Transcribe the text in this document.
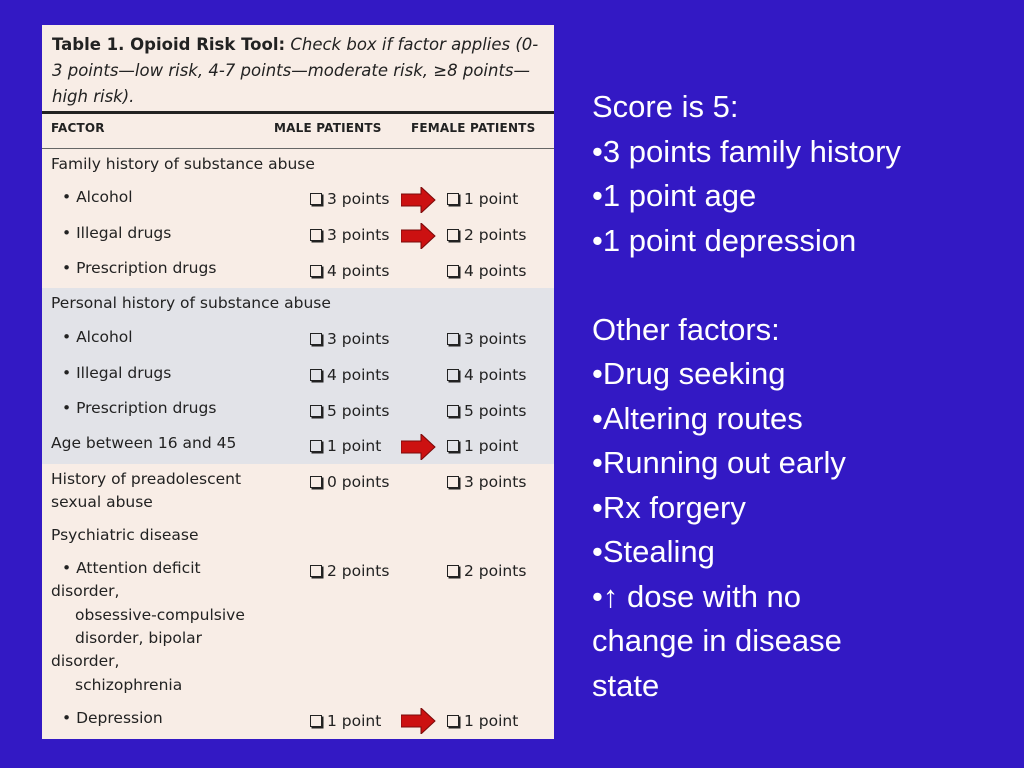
Table 1. Opioid Risk Tool: Check box if factor applies (0-3 points—low risk, 4-7 points—moderate risk, ≥8 points—high risk).
FACTOR	MALE PATIENTS FEMALE PATIENTS
Family history of substance abuse
• Alcohol	3 points	1 point
• Illegal drugs	3 points	2 points
• Prescription drugs	4 points	4 points
Personal history of substance abuse
• Alcohol	3 points	3 points
• Illegal drugs	4 points	4 points
• Prescription drugs	5 points	5 points
Age between 16 and 45	1 point	1 point
History of preadolescent
sexual abuse
0 points	3 points
Psychiatric disease
• Attention deficit
disorder,
obsessive-compulsive
disorder, bipolar
disorder,
schizophrenia
2 points	2 points
• Depression	1 point	1 point
Score is 5:
•3 points family history
•1 point age
•1 point depression
Other factors:
•Drug seeking
•Altering routes
•Running out early
•Rx forgery
•Stealing
•↑ dose with no change in disease state
